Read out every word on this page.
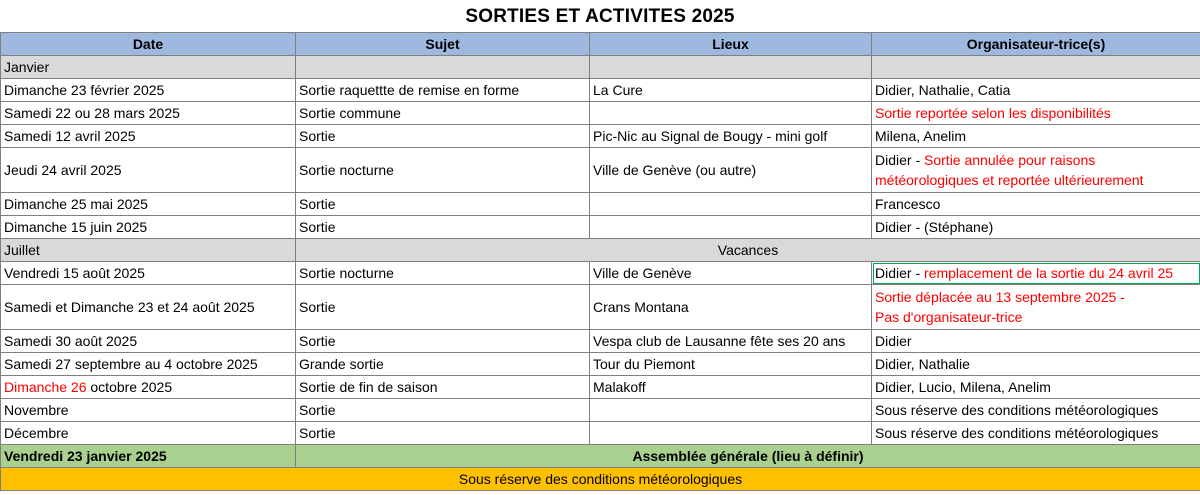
SORTIES ET ACTIVITES 2025
Date	Sujet	Lieux	Organisateur-trice(s)
Janvier			
Dimanche 23 février 2025	Sortie raquettte de remise en forme	La Cure	Didier, Nathalie, Catia
Samedi 22 ou 28 mars 2025	Sortie commune		Sortie reportée selon les disponibilités
Samedi 12 avril 2025	Sortie	Pic-Nic au Signal de Bougy - mini golf	Milena, Anelim
Jeudi 24 avril 2025	Sortie nocturne	Ville de Genève (ou autre)	Didier - Sortie annulée pour raisons météorologiques et reportée ultérieurement
Dimanche 25 mai 2025	Sortie		Francesco
Dimanche 15 juin 2025	Sortie		Didier - (Stéphane)
Juillet	Vacances		
Vendredi 15 août 2025	Sortie nocturne	Ville de Genève	Didier - remplacement de la sortie du 24 avril 25
Samedi et Dimanche 23 et 24 août 2025	Sortie	Crans Montana	Sortie déplacée au 13 septembre 2025 -
Pas d'organisateur-trice

Samedi 30 août 2025	Sortie	Vespa club de Lausanne fête ses 20 ans	Didier
Samedi 27 septembre au 4 octobre 2025	Grande sortie	Tour du Piemont	Didier, Nathalie
Dimanche 26 octobre 2025	Sortie de fin de saison	Malakoff	Didier, Lucio, Milena, Anelim
Novembre	Sortie		Sous réserve des conditions météorologiques
Décembre	Sortie		Sous réserve des conditions météorologiques
Vendredi 23 janvier 2025	Assemblée générale (lieu à définir)		
Sous réserve des conditions météorologiques			
